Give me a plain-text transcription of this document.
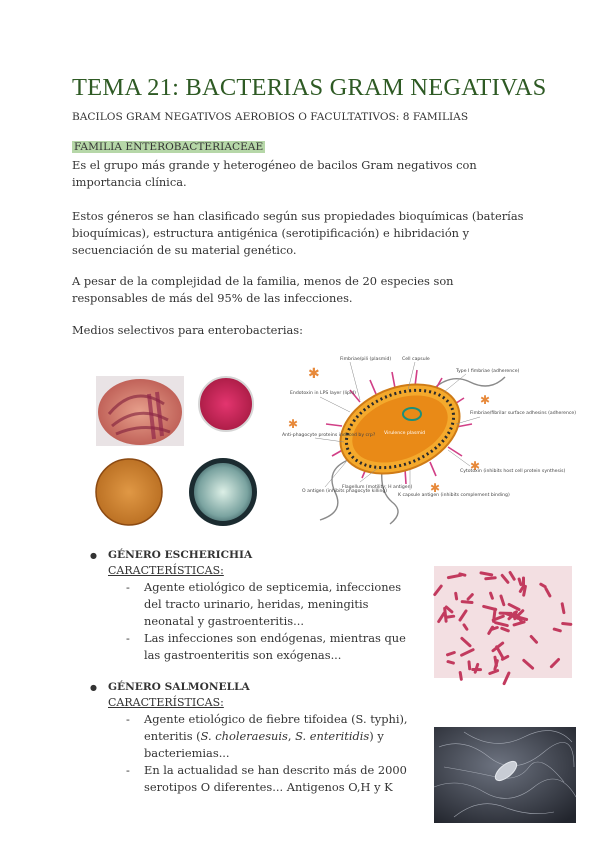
TEMA 21: BACTERIAS GRAM NEGATIVAS
BACILOS GRAM NEGATIVOS AEROBIOS O FACULTATIVOS: 8 FAMILIAS
FAMILIA ENTEROBACTERIACEAE

Es el grupo más grande y heterogéneo de bacilos Gram negativos con importancia clínica.

Estos géneros se han clasificado según sus propiedades bioquímicas (baterías bioquímicas), estructura antigénica (serotipificación) e hibridación y secuenciación de su material genético.

A pesar de la complejidad de la familia, menos de 20 especies son responsables de más del 95% de las infecciones.

Medios selectivos para enterobacterias:

✱
✱
✱
✱
✱
Fimbriae/pili (plasmid) Cell capsule
Type I fimbriae (adherence)
Endotoxin in LPS layer (lipid)
Fimbriae/fibrilar surface adhesins (adherence)
Anti-phagocyte proteins induced by crp? Virulence plasmid
O antigen (inhibits phagocyte killing)
Flagellum (motility; H antigen)
K capsule antigen (inhibits complement binding)
Cytotoxin (inhibits host cell protein synthesis)
● GÉNERO ESCHERICHIA
CARACTERÍSTICAS:
- Agente etiológico de septicemia, infecciones del tracto urinario, heridas, meningitis neonatal y gastroenteritis...
- Las infecciones son endógenas, mientras que las gastroenteritis son exógenas...
● GÉNERO SALMONELLA
CARACTERÍSTICAS:
- Agente etiológico de fiebre tifoidea (S. typhi), enteritis (S. choleraesuis, S. enteritidis) y bacteriemias...
- En la actualidad se han descrito más de 2000 serotipos O diferentes... Antigenos O,H y K
